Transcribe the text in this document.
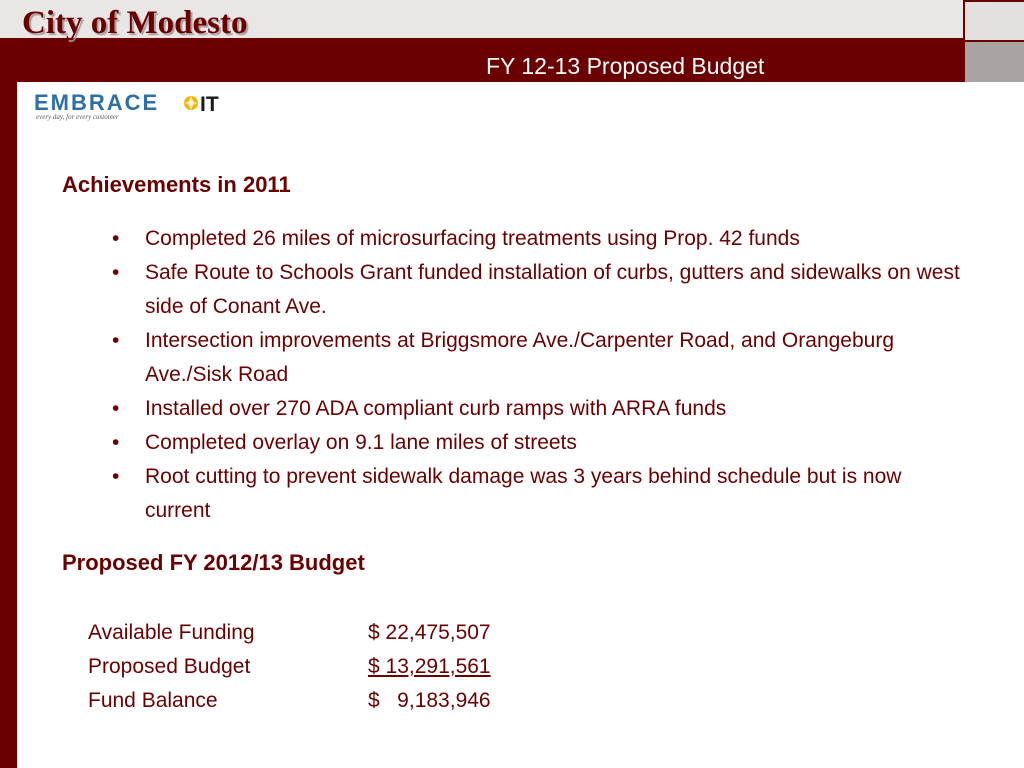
City of Modesto
FY 12-13 Proposed Budget
EMBRACE IT
every day, for every customer
Achievements in 2011
• Completed 26 miles of microsurfacing treatments using Prop. 42 funds
• Safe Route to Schools Grant funded installation of curbs, gutters and sidewalks on west side of Conant Ave.
• Intersection improvements at Briggsmore Ave./Carpenter Road, and Orangeburg Ave./Sisk Road
• Installed over 270 ADA compliant curb ramps with ARRA funds
• Completed overlay on 9.1 lane miles of streets
• Root cutting to prevent sidewalk damage was 3 years behind schedule but is now current
Proposed FY 2012/13 Budget
Available Funding	$ 22,475,507
Proposed Budget	$ 13,291,561
Fund Balance	$   9,183,946
